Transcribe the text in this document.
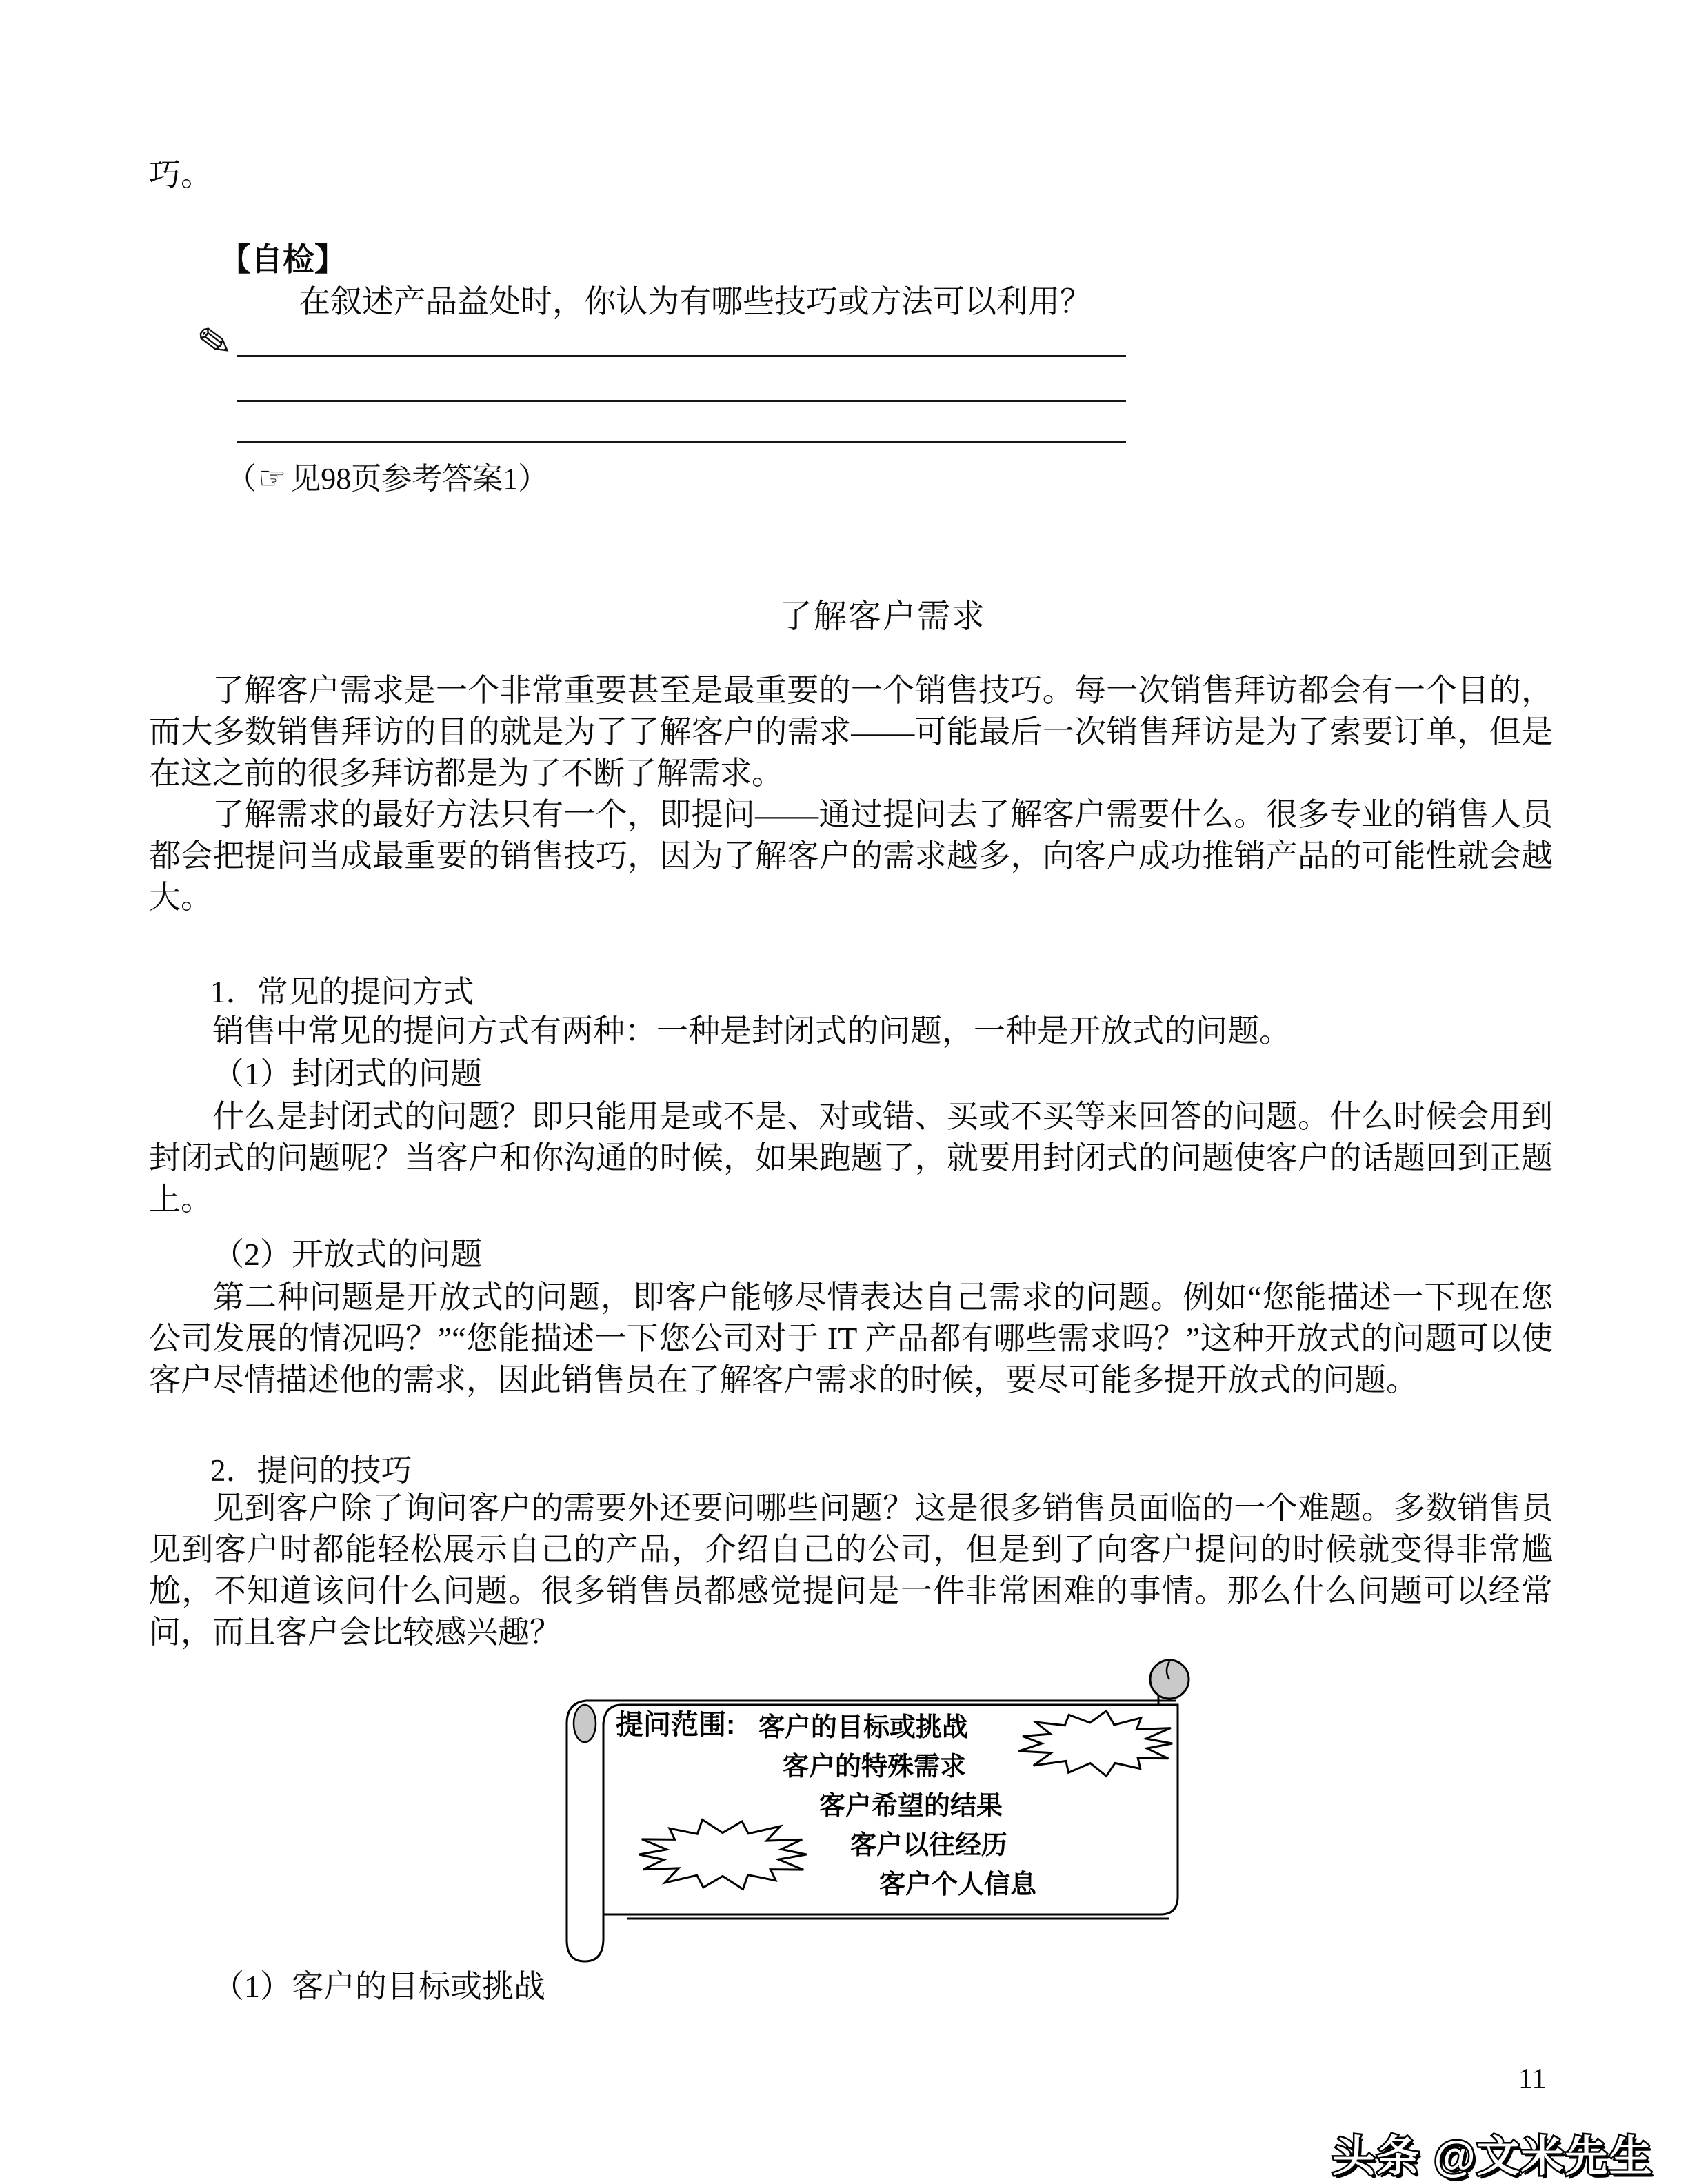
巧。
【自检】
在叙述产品益处时，你认为有哪些技巧或方法可以利用？
✎
（☞ 见98页参考答案1）
了解客户需求
了解客户需求是一个非常重要甚至是最重要的一个销售技巧。每一次销售拜访都会有一个目的，而大多数销售拜访的目的就是为了了解客户的需求——可能最后一次销售拜访是为了索要订单，但是在这之前的很多拜访都是为了不断了解需求。
了解需求的最好方法只有一个，即提问——通过提问去了解客户需要什么。很多专业的销售人员都会把提问当成最重要的销售技巧，因为了解客户的需求越多，向客户成功推销产品的可能性就会越大。
1．常见的提问方式
销售中常见的提问方式有两种：一种是封闭式的问题，一种是开放式的问题。
（1）封闭式的问题
什么是封闭式的问题？即只能用是或不是、对或错、买或不买等来回答的问题。什么时候会用到封闭式的问题呢？当客户和你沟通的时候，如果跑题了，就要用封闭式的问题使客户的话题回到正题上。
（2）开放式的问题
第二种问题是开放式的问题，即客户能够尽情表达自己需求的问题。例如“您能描述一下现在您公司发展的情况吗？”“您能描述一下您公司对于 IT 产品都有哪些需求吗？”这种开放式的问题可以使客户尽情描述他的需求，因此销售员在了解客户需求的时候，要尽可能多提开放式的问题。
2．提问的技巧
见到客户除了询问客户的需要外还要问哪些问题？这是很多销售员面临的一个难题。多数销售员见到客户时都能轻松展示自己的产品，介绍自己的公司，但是到了向客户提问的时候就变得非常尴尬，不知道该问什么问题。很多销售员都感觉提问是一件非常困难的事情。那么什么问题可以经常问，而且客户会比较感兴趣？
提问范围: 客户的目标或挑战
客户的特殊需求
客户希望的结果
客户以往经历
客户个人信息
（1）客户的目标或挑战
11
头条 @文米先生
